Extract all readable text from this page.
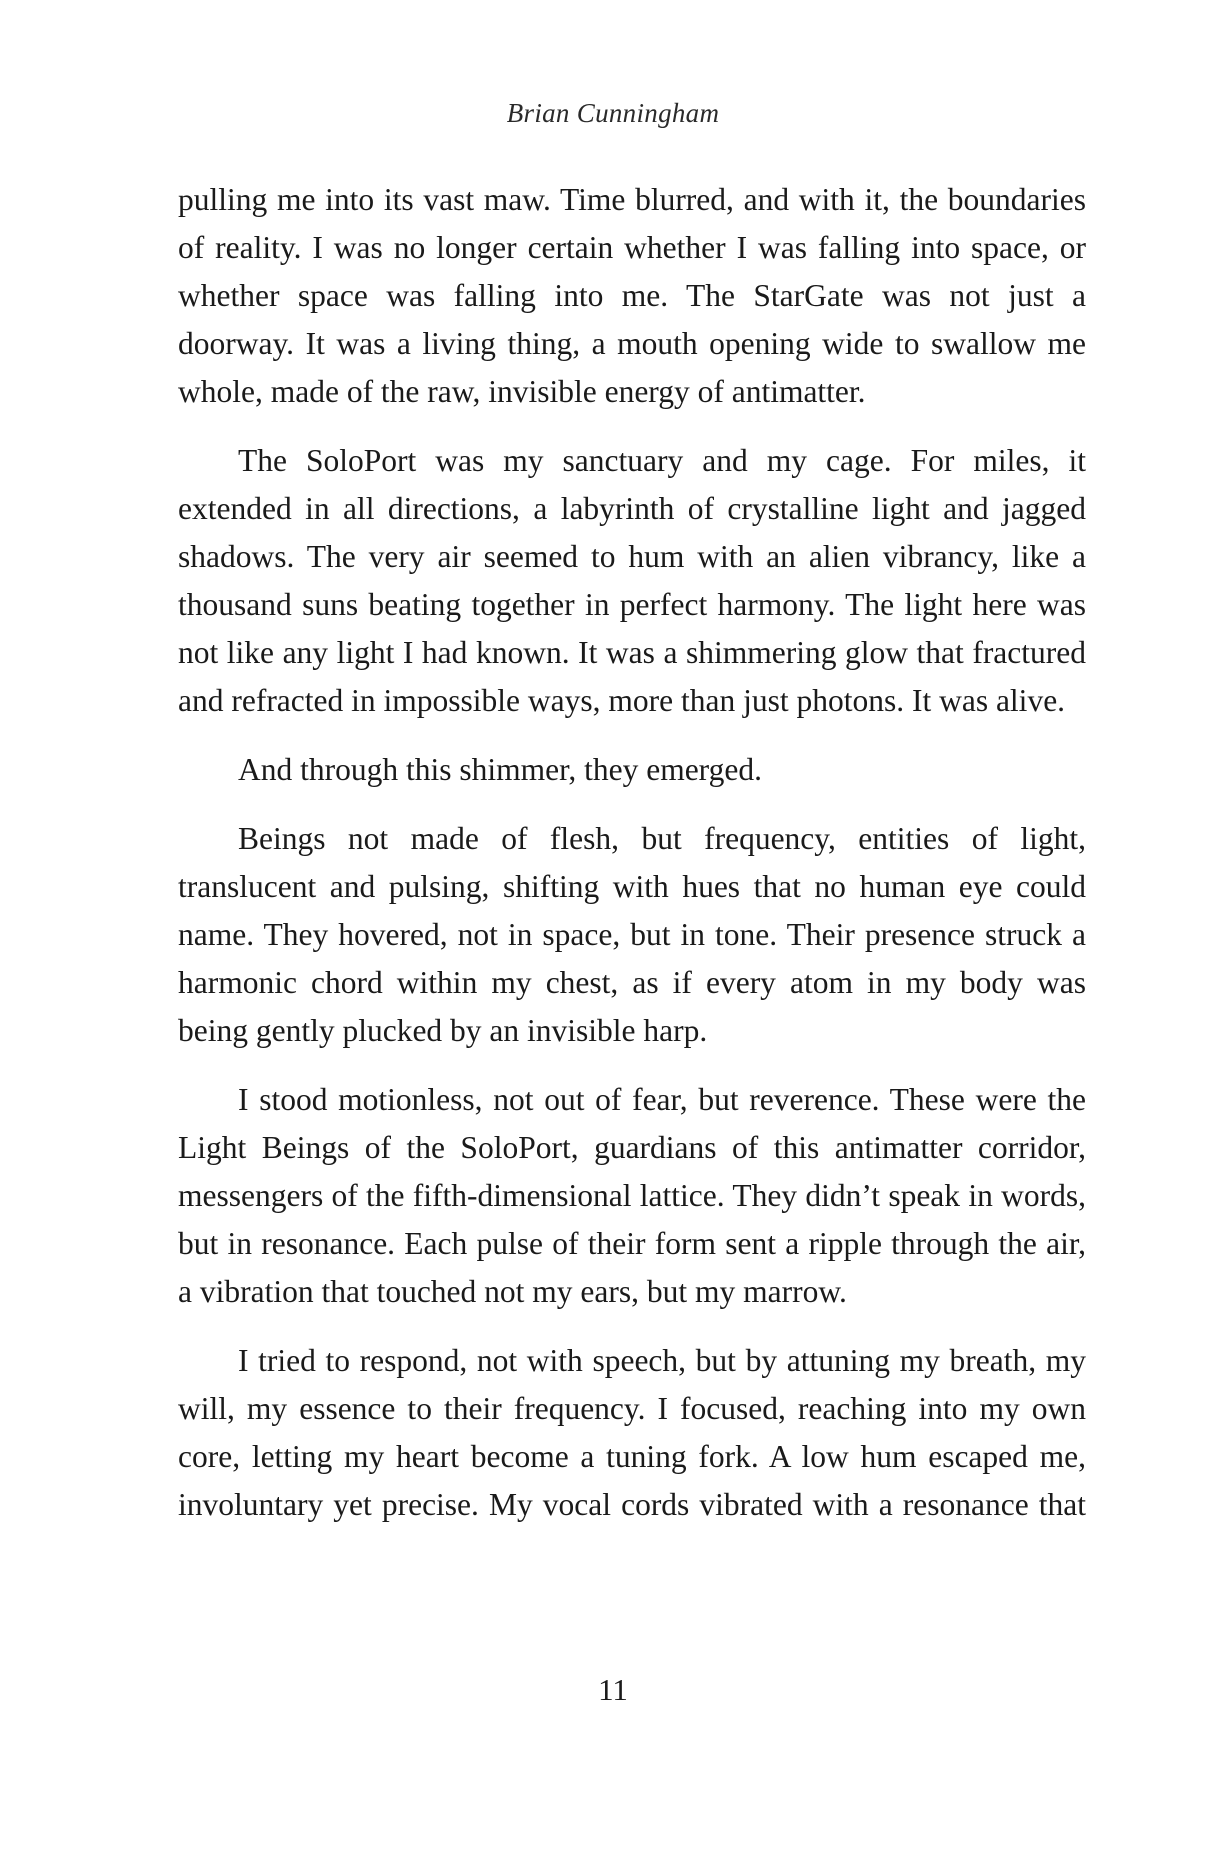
Brian Cunningham

pulling me into its vast maw. Time blurred, and with it, the boundaries of reality. I was no longer certain whether I was falling into space, or whether space was falling into me. The StarGate was not just a doorway. It was a living thing, a mouth opening wide to swallow me whole, made of the raw, invisible energy of antimatter.

The SoloPort was my sanctuary and my cage. For miles, it extended in all directions, a labyrinth of crystalline light and jagged shadows. The very air seemed to hum with an alien vibrancy, like a thousand suns beating together in perfect harmony. The light here was not like any light I had known. It was a shimmering glow that fractured and refracted in impossible ways, more than just photons. It was alive.

And through this shimmer, they emerged.

Beings not made of flesh, but frequency, entities of light, translucent and pulsing, shifting with hues that no human eye could name. They hovered, not in space, but in tone. Their presence struck a harmonic chord within my chest, as if every atom in my body was being gently plucked by an invisible harp.

I stood motionless, not out of fear, but reverence. These were the Light Beings of the SoloPort, guardians of this antimatter corridor, messengers of the fifth-dimensional lattice. They didn’t speak in words, but in resonance. Each pulse of their form sent a ripple through the air, a vibration that touched not my ears, but my marrow.

I tried to respond, not with speech, but by attuning my breath, my will, my essence to their frequency. I focused, reaching into my own core, letting my heart become a tuning fork. A low hum escaped me, involuntary yet precise. My vocal cords vibrated with a resonance that

11
